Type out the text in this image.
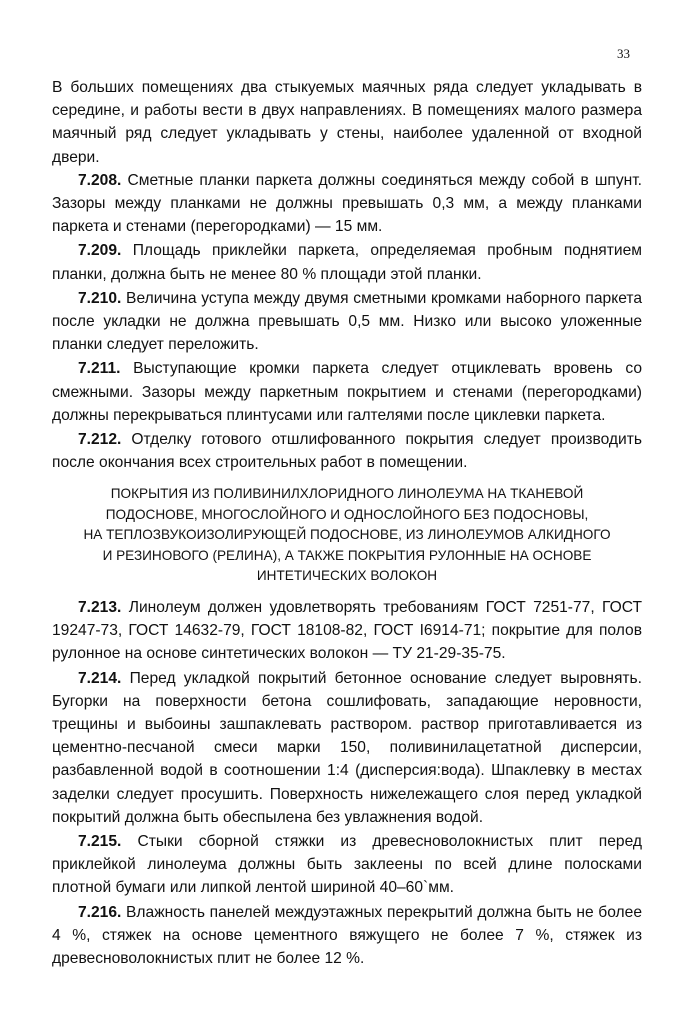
33

В больших помещениях два стыкуемых маячных ряда следует укладывать в середине, и работы вести в двух направлениях. В помещениях малого размера маячный ряд следует укладывать у стены, наиболее удаленной от входной двери.

7.208. Сметные планки паркета должны соединяться между собой в шпунт. Зазоры между планками не должны превышать 0,3 мм, а между планками паркета и стенами (перегородками) — 15 мм.

7.209. Площадь приклейки паркета, определяемая пробным поднятием планки, должна быть не менее 80 % площади этой планки.

7.210. Величина уступа между двумя сметными кромками наборного паркета после укладки не должна превышать 0,5 мм. Низко или высоко уложенные планки следует переложить.

7.211. Выступающие кромки паркета следует отциклевать вровень со смежными. Зазоры между паркетным покрытием и стенами (перегородками) должны перекрываться плинтусами или галтелями после циклевки паркета.

7.212. Отделку готового отшлифованного покрытия следует производить после окончания всех строительных работ в помещении.

ПОКРЫТИЯ ИЗ ПОЛИВИНИЛХЛОРИДНОГО ЛИНОЛЕУМА НА ТКАНЕВОЙ
ПОДОСНОВЕ, МНОГОСЛОЙНОГО И ОДНОСЛОЙНОГО БЕЗ ПОДОСНОВЫ,
НА ТЕПЛОЗВУКОИЗОЛИРУЮЩЕЙ ПОДОСНОВЕ, ИЗ ЛИНОЛЕУМОВ АЛКИДНОГО
И РЕЗИНОВОГО (РЕЛИНА), А ТАКЖЕ ПОКРЫТИЯ РУЛОННЫЕ НА ОСНОВЕ
ИНТЕТИЧЕСКИХ ВОЛОКОН

7.213. Линолеум должен удовлетворять требованиям ГОСТ 7251-77, ГОСТ 19247-73, ГОСТ 14632-79, ГОСТ 18108-82, ГОСТ I6914-71; покрытие для полов рулонное на основе синтетических волокон — ТУ 21-29-35-75.

7.214. Перед укладкой покрытий бетонное основание следует выровнять. Бугорки на поверхности бетона сошлифовать, западающие неровности, трещины и выбоины зашпаклевать раствором. раствор приготавливается из цементно-песчаной смеси марки 150, поливинилацетатной дисперсии, разбавленной водой в соотношении 1:4 (дисперсия:вода). Шпаклевку в местах заделки следует просушить. Поверхность нижележащего слоя перед укладкой покрытий должна быть обеспылена без увлажнения водой.

7.215. Стыки сборной стяжки из древесноволокнистых плит перед приклейкой линолеума должны быть заклеены по всей длине полосками плотной бумаги или липкой лентой шириной 40–60`мм.

7.216. Влажность панелей междуэтажных перекрытий должна быть не более 4 %, стяжек на основе цементного вяжущего не более 7 %, стяжек из древесноволокнистых плит не более 12 %.
